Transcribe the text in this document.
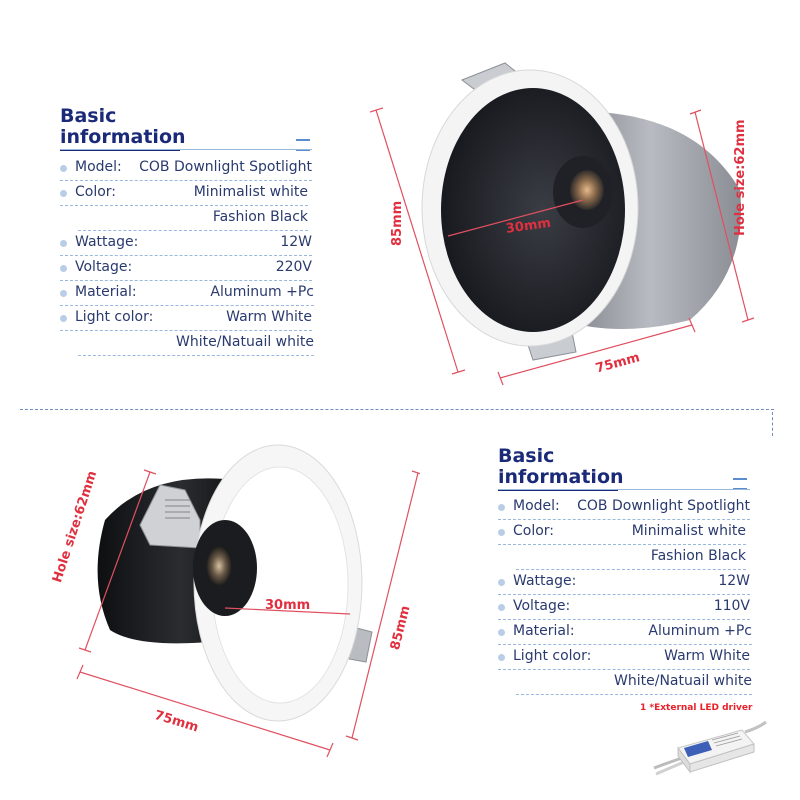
Basic
information
Model: COB Downlight Spotlight
Color:	Minimalist white
Fashion Black
Wattage:	12W
Voltage:	220V
Material:	Aluminum +Pc
Light color:	Warm White
White/Natuail white
85mm	Hole size:62mm
30mm
75mm
Hole size:62mm
30mm
75mm
85mm
Basic
information
Model: COB Downlight Spotlight
Color:	Minimalist white
Fashion Black
Wattage:	12W
Voltage:	110V
Material:	Aluminum +Pc
Light color:	Warm White
White/Natuail white
1 *External LED driver
